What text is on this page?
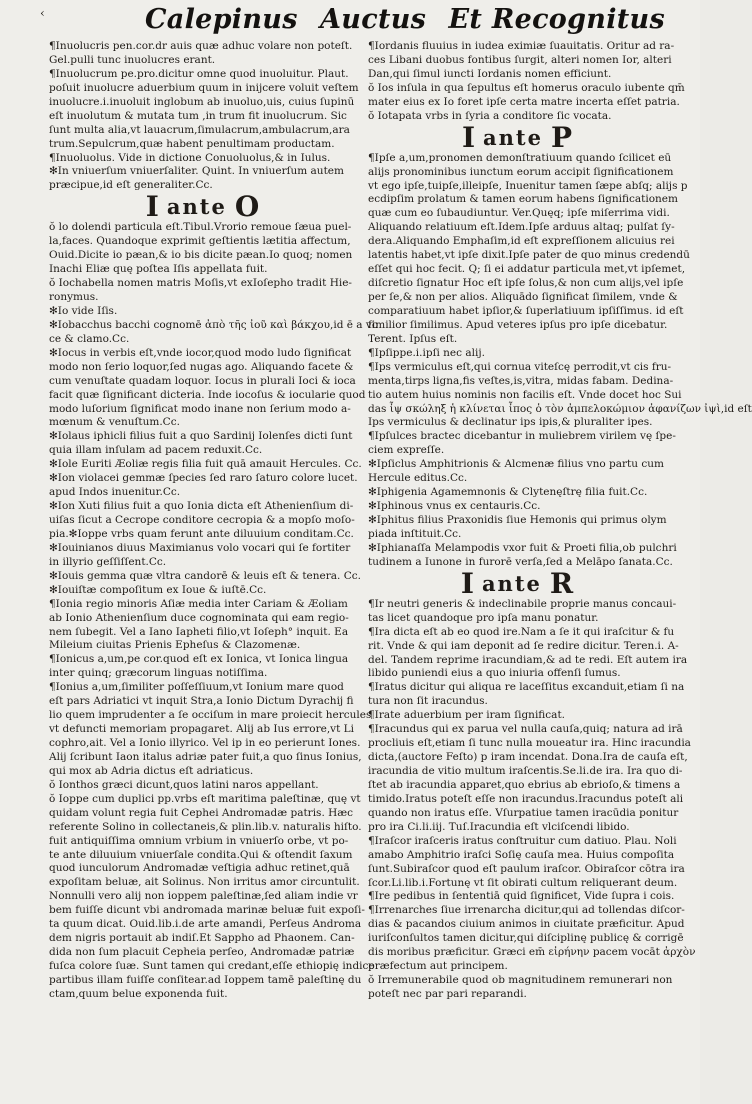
‹	Calepinus Auctus Et Recognitus
¶Inuolucris pen.cor.dr auis quæ adhuc volare non poteſt.
Gel.pulli tunc inuolucres erant.
¶Inuolucrum pe.pro.dicitur omne quod inuoluitur. Plaut.
poſuit inuolucre aduerbium quum in inijcere voluit veſtem
inuolucre.i.inuoluit inglobum ab inuoluo,uis, cuius ſupinū
eſt inuolutum & mutata tum ,in trum fit inuolucrum. Sic
ſunt multa alia,vt lauacrum,ſimulacrum,ambulacrum,ara
trum.Sepulcrum,quæ habent penultimam productam.
¶Inuoluolus. Vide in dictione Conuoluolus,& in Iulus.
✻In vniuerſum vniuerſaliter. Quint. In vniuerſum autem
præcipue,id eſt generaliter.Cc.
I ante O
ŏ lo dolendi particula eſt.Tibul.Vrorio remoue ſæua puel-
la,faces. Quandoque exprimit geſtientis lætitia affectum,
Ouid.Dicite io pæan,& io bis dicite pæan.Io quoq; nomen
Inachi Eliæ quę poſtea Iſis appellata fuit.
ŏ Iochabella nomen matris Moſis,vt exIoſepho tradit Hie-
ronymus.
✻Io vide Iſis.
✻Iobacchus bacchi cognomē ἀπὸ τῆς ἰοῦ καὶ βάκχου,id ē a vo
ce & clamo.Cc.
✻Iocus in verbis eſt,vnde iocor,quod modo ludo ſignificat
modo non ſerio loquor,ſed nugas ago. Aliquando facete &
cum venuſtate quadam loquor. Iocus in plurali Ioci & ioca
facit quæ ſignificant dicteria. Inde iocoſus & iocularie quod
modo luſorium ſignificat modo inane non ſerium modo a-
mœnum & venuſtum.Cc.
✻Iolaus iphicli filius fuit a quo Sardinij Iolenſes dicti ſunt
quia illam inſulam ad pacem reduxit.Cc.
✻Iole Euriti Æoliæ regis filia fuit quā amauit Hercules. Cc.
✻Ion violacei gemmæ ſpecies ſed raro ſaturo colore lucet.
apud Indos inuenitur.Cc.
✻Ion Xuti filius fuit a quo Ionia dicta eſt Athenienſium di-
uiſas ſicut a Cecrope conditore cecropia & a mopſo moſo-
pia.✻Ioppe vrbs quam ferunt ante diluuium conditam.Cc.
✻Iouinianos diuus Maximianus volo vocari qui ſe fortiter
in illyrio geſſiſſent.Cc.
✻Iouis gemma quæ vltra candorē & leuis eſt & tenera. Cc.
✻Iouiſtæ compoſitum ex Ioue & iuſtē.Cc.
¶Ionia regio minoris Aſiæ media inter Cariam & Æoliam
ab Ionio Athenienſium duce cognominata qui eam regio-
nem ſubegit. Vel a Iano Iapheti filio,vt Ioſeph° inquit. Ea
Mileium ciuitas Prienis Epheſus & Clazomenæ.
¶Ionicus a,um,pe cor.quod eſt ex Ionica, vt Ionica lingua
inter quinq; græcorum linguas notiſſima.
¶Ionius a,um,ſimiliter poſſeſſiuum,vt Ionium mare quod
eſt pars Adriatici vt inquit Stra,a Ionio Dictum Dyrachij fi
lio quem imprudenter a ſe occiſum in mare proiecit hercules
vt defuncti memoriam propagaret. Alij ab Ius errore,vt Li
cophro,ait. Vel a Ionio illyrico. Vel ip in eo perierunt Iones.
Alij ſcribunt Iaon italus adriæ pater fuit,a quo ſinus Ionius,
qui mox ab Adria dictus eſt adriaticus.
ŏ Ionthos græci dicunt,quos latini naros appellant.
ŏ Ioppe cum duplici pp.vrbs eſt maritima paleſtinæ, quę vt
quidam volunt regia fuit Cephei Andromadæ patris. Hæc
referente Solino in collectaneis,& plin.lib.v. naturalis hiſto.
fuit antiquiſſima omnium vrbium in vniuerſo orbe, vt po-
te ante diluuium vniuerſale condita.Qui & oſtendit ſaxum
quod iunculorum Andromadæ veſtigia adhuc retinet,quā
expoſitam beluæ, ait Solinus. Non irritus amor circuntulit.
Nonnulli vero alij non ioppem paleſtinæ,ſed aliam indie vr
bem fuiſſe dicunt vbi andromada marinæ beluæ fuit expoſi-
ta quum dicat. Ouid.lib.i.de arte amandi, Perſeus Androma
dem nigris portauit ab indiſ.Et Sappho ad Phaonem. Can-
dida non ſum placuit Cepheia perſeo, Andromadæ patriæ
fuſca colore ſuæ. Sunt tamen qui credant,eſſe ethiopię indice
partibus illam fuiſſe conſitear.ad Ioppem tamē paleſtinę du
ctam,quum belue exponenda fuit.
¶Iordanis fluuius in iudea eximiæ ſuauitatis. Oritur ad ra-
ces Libani duobus fontibus ſurgit, alteri nomen Ior, alteri
Dan,qui ſimul iuncti Iordanis nomen efficiunt.
ŏ Ios inſula in qua ſepultus eſt homerus oraculo iubente qm̄
mater eius ex Io foret ipſe certa matre incerta eſſet patria.
ŏ Iotapata vrbs in ſyria a conditore ſic vocata.
I ante P
¶Ipſe a,um,pronomen demonſtratiuum quando ſcilicet eū
alijs pronominibus iunctum eorum accipit ſignificationem
vt ego ipſe,tuipſe,illeipſe, Inuenitur tamen ſæpe abſq; alijs p
ecdipſim prolatum & tamen eorum habens ſignificationem
quæ cum eo ſubaudiuntur. Ver.Quęq; ipſe miſerrima vidi.
Aliquando relatiuum eſt.Idem.Ipſe arduus altaq; pulſat ſy-
dera.Aliquando Emphaſim,id eſt expreſſionem alicuius rei
latentis habet,vt ipſe dixit.Ipſe pater de quo minus credendū
eſſet qui hoc fecit. Q; ſi ei addatur particula met,vt ipſemet,
diſcretio ſignatur Hoc eſt ipſe ſolus,& non cum alijs,vel ipſe
per ſe,& non per alios. Aliquādo ſignificat ſimilem, vnde &
comparatiuum habet ipſior,& ſuperlatiuum ipſiſſimus. id eſt
ſimilior ſimilimus. Apud veteres ipſus pro ipſe dicebatur.
Terent. Ipſus eſt.
¶Ipſippe.i.ipſi nec alij.
¶Ips vermiculus eſt,qui cornua viteſcę perrodit,vt cis fru-
menta,tirps ligna,fis veſtes,is,vitra, midas fabam. Dedina-
tio autem huius nominis non facilis eſt. Vnde docet hoc Sui
das ἶψ σκώληξ ἡ κλίνεται ἶπος ὁ τὸν ἀμπελοκώμιον ἀφανίζων ἰψὶ,id eſt
Ips vermiculus & declinatur ips ipis,& pluraliter ipes.
¶Ipſulces bractec dicebantur in muliebrem virilem vę ſpe-
ciem expreſſe.
✻Ipſiclus Amphitrionis & Alcmenæ filius vno partu cum
Hercule editus.Cc.
✻Iphigenia Agamemnonis & Clytenęſtrę filia fuit.Cc.
✻Iphinous vnus ex centauris.Cc.
✻Iphitus filius Praxonidis ſiue Hemonis qui primus olym
piada inſtituit.Cc.
✻Iphianaſſa Melampodis vxor fuit & Proeti filia,ob pulchri
tudinem a Iunone in furorē verſa,ſed a Melāpo ſanata.Cc.
I ante R
¶Ir neutri generis & indeclinabile proprie manus concaui-
tas licet quandoque pro ipſa manu ponatur.
¶Ira dicta eſt ab eo quod ire.Nam a ſe it qui iraſcitur & fu
rit. Vnde & qui iam deponit ad ſe redire dicitur. Teren.i. A-
del. Tandem reprime iracundiam,& ad te redi. Eſt autem ira
libido puniendi eius a quo iniuria offenſi ſumus.
¶Iratus dicitur qui aliqua re laceſſitus excanduit,etiam ſi na
tura non ſit iracundus.
¶Irate aduerbium per iram ſignificat.
¶Iracundus qui ex parua vel nulla cauſa,quiq; natura ad irā
procliuis eſt,etiam ſi tunc nulla moueatur ira. Hinc iracundia
dicta,(auctore Feſto) p iram incendat. Dona.Ira de cauſa eſt,
iracundia de vitio multum iraſcentis.Se.li.de ira. Ira quo di-
ſtet ab iracundia apparet,quo ebrius ab ebrioſo,& timens a
timido.Iratus poteſt eſſe non iracundus.Iracundus poteſt ali
quando non iratus eſſe. Vſurpatiue tamen iracūdia ponitur
pro ira Ci.li.iij. Tuſ.Iracundia eſt vlciſcendi libido.
¶Iraſcor iraſceris iratus conſtruitur cum datiuo. Plau. Noli
amabo Amphitrio iraſci Soſię cauſa mea. Huius compoſita
ſunt.Subiraſcor quod eſt paulum iraſcor. Obiraſcor cōtra ira
ſcor.Li.lib.i.Fortunę vt ſit obirati cultum reliquerant deum.
¶Ire pedibus in ſententiā quid ſignificet, Vide ſupra i cois.
¶Irrenarches ſiue irrenarcha dicitur,qui ad tollendas diſcor-
dias & pacandos ciuium animos in ciuitate præficitur. Apud
iuriſconſultos tamen dicitur,qui diſciplinę publicę & corrigē
dis moribus præficitur. Græci em̄ εἰρήνην pacem vocāt ἀρχὸν
præfectum aut principem.
ŏ Irremunerabile quod ob magnitudinem remunerari non
poteſt nec par pari reparandi.
